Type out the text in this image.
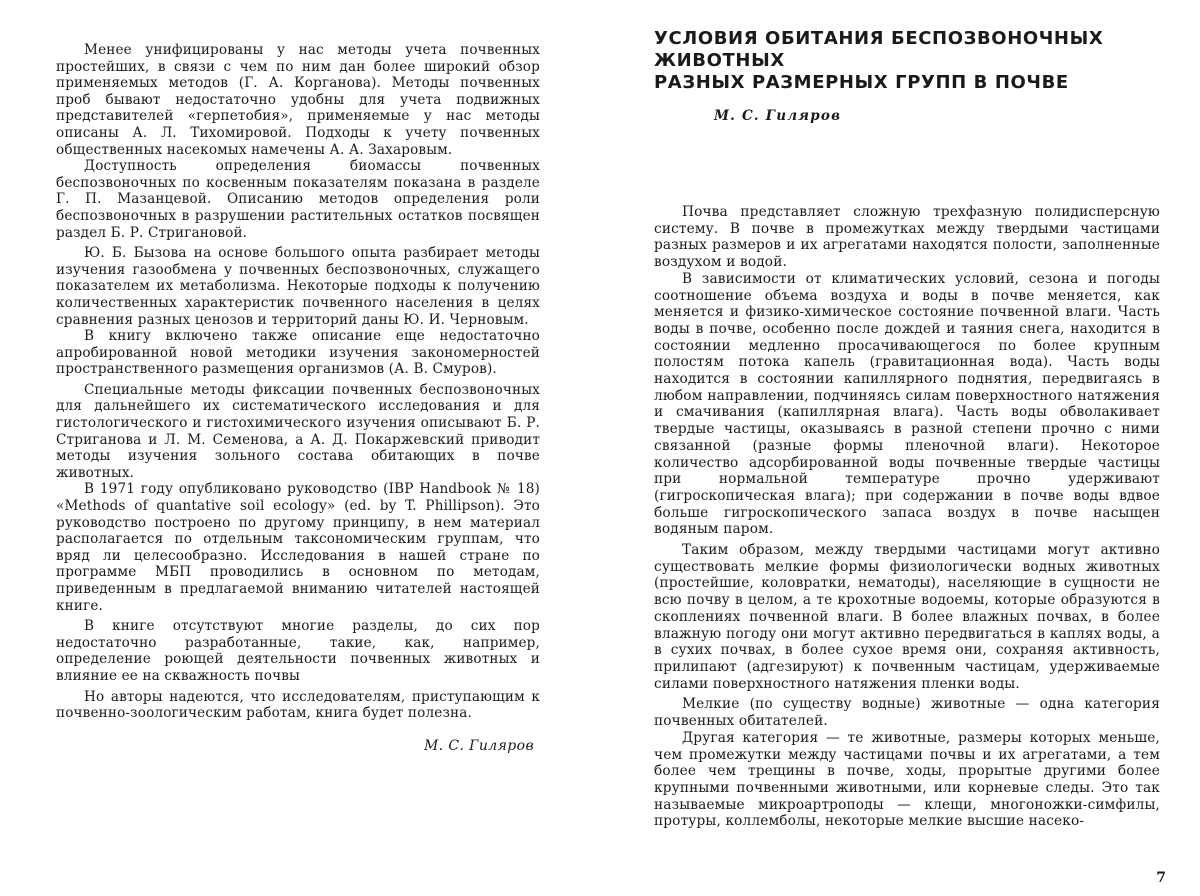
Менее унифицированы у нас методы учета почвенных простейших, в связи с чем по ним дан более широкий обзор применяемых методов (Г. А. Корганова). Методы почвенных проб бывают недостаточно удобны для учета подвижных представителей «герпетобия», применяемые у нас методы описаны А. Л. Тихомировой. Подходы к учету почвенных общественных насекомых намечены А. А. Захаровым.

Доступность определения биомассы почвенных беспозвоночных по косвенным показателям показана в разделе Г. П. Мазанцевой. Описанию методов определения роли беспозвоночных в разрушении растительных остатков посвящен раздел Б. Р. Стригановой.

Ю. Б. Бызова на основе большого опыта разбирает методы изучения газообмена у почвенных беспозвоночных, служащего показателем их метаболизма. Некоторые подходы к получению количественных характеристик почвенного населения в целях сравнения разных ценозов и территорий даны Ю. И. Черновым.

В книгу включено также описание еще недостаточно апробированной новой методики изучения закономерностей пространственного размещения организмов (А. В. Смуров).

Специальные методы фиксации почвенных беспозвоночных для дальнейшего их систематического исследования и для гистологического и гистохимического изучения описывают Б. Р. Стриганова и Л. М. Семенова, а А. Д. Покаржевский приводит методы изучения зольного состава обитающих в почве животных.

В 1971 году опубликовано руководство (IBP Handbook № 18) «Methods of quantative soil ecology» (ed. by T. Phillipson). Это руководство построено по другому принципу, в нем материал располагается по отдельным таксономическим группам, что вряд ли целесообразно. Исследования в нашей стране по программе МБП проводились в основном по методам, приведенным в предлагаемой вниманию читателей настоящей книге.

В книге отсутствуют многие разделы, до сих пор недостаточно разработанные, такие, как, например, определение роющей деятельности почвенных животных и влияние ее на скважность почвы

Но авторы надеются, что исследователям, приступающим к почвенно-зоологическим работам, книга будет полезна.

М. С. Гиляров
УСЛОВИЯ ОБИТАНИЯ БЕСПОЗВОНОЧНЫХ ЖИВОТНЫХ
РАЗНЫХ РАЗМЕРНЫХ ГРУПП В ПОЧВЕ
М. С. Гиляров

Почва представляет сложную трехфазную полидисперсную систему. В почве в промежутках между твердыми частицами разных размеров и их агрегатами находятся полости, заполненные воздухом и водой.

В зависимости от климатических условий, сезона и погоды соотношение объема воздуха и воды в почве меняется, как меняется и физико-химическое состояние почвенной влаги. Часть воды в почве, особенно после дождей и таяния снега, находится в состоянии медленно просачивающегося по более крупным полостям потока капель (гравитационная вода). Часть воды находится в состоянии капиллярного поднятия, передвигаясь в любом направлении, подчиняясь силам поверхностного натяжения и смачивания (капиллярная влага). Часть воды обволакивает твердые частицы, оказываясь в разной степени прочно с ними связанной (разные формы пленочной влаги). Некоторое количество адсорбированной воды почвенные твердые частицы при нормальной температуре прочно удерживают (гигроскопическая влага); при содержании в почве воды вдвое больше гигроскопического запаса воздух в почве насыщен водяным паром.

Таким образом, между твердыми частицами могут активно существовать мелкие формы физиологически водных животных (простейшие, коловратки, нематоды), населяющие в сущности не всю почву в целом, а те крохотные водоемы, которые образуются в скоплениях почвенной влаги. В более влажных почвах, в более влажную погоду они могут активно передвигаться в каплях воды, а в сухих почвах, в более сухое время они, сохраняя активность, прилипают (адгезируют) к почвенным частицам, удерживаемые силами поверхностного натяжения пленки воды.

Мелкие (по существу водные) животные — одна категория почвенных обитателей.

Другая категория — те животные, размеры которых меньше, чем промежутки между частицами почвы и их агрегатами, а тем более чем трещины в почве, ходы, прорытые другими более крупными почвенными животными, или корневые следы. Это так называемые микроартроподы — клещи, многоножки-симфилы, протуры, коллемболы, некоторые мелкие высшие насеко-

7
